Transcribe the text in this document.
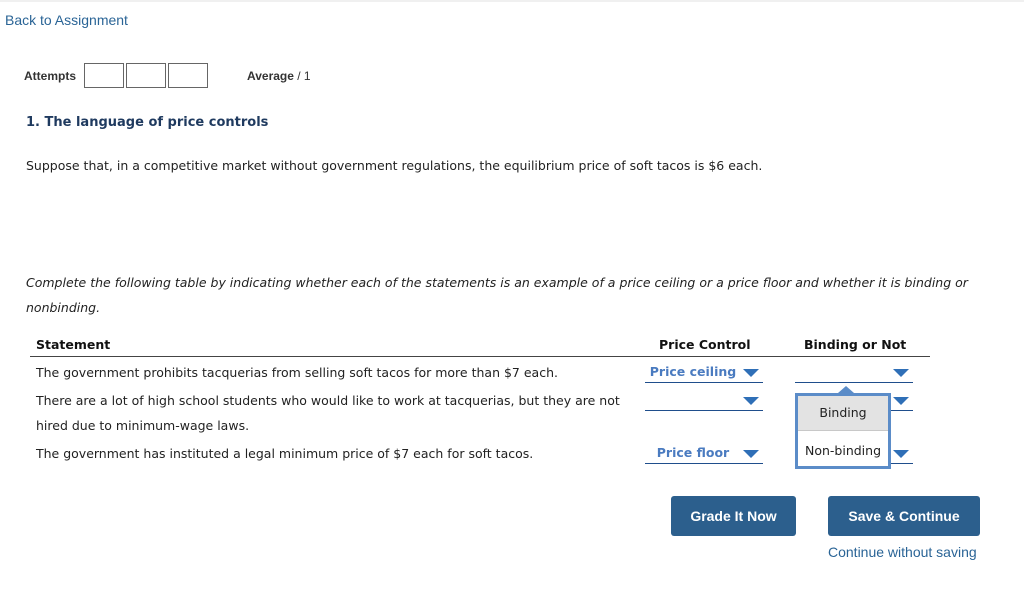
Back to Assignment
Attempts	Average / 1
1. The language of price controls
Suppose that, in a competitive market without government regulations, the equilibrium price of soft tacos is $6 each.
Complete the following table by indicating whether each of the statements is an example of a price ceiling or a price floor and whether it is binding or nonbinding.
Statement	Price Control	Binding or Not
The government prohibits tacquerias from selling soft tacos for more than $7 each.	Price ceiling
There are a lot of high school students who would like to work at tacquerias, but they are not hired due to minimum-wage laws.
The government has instituted a legal minimum price of $7 each for soft tacos.	Price floor
Binding
Non-binding
Grade It Now	Save & Continue
Continue without saving
